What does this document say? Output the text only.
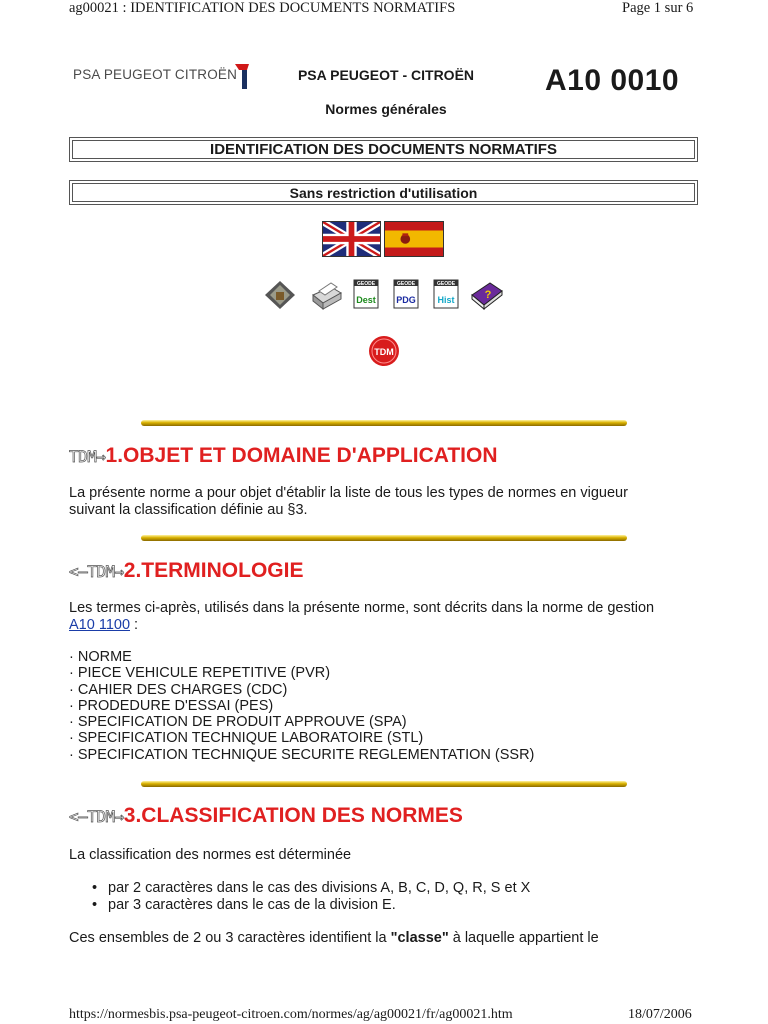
ag00021 : IDENTIFICATION DES DOCUMENTS NORMATIFS	Page 1 sur 6
PSA PEUGEOT CITROËN	PSA PEUGEOT - CITROËN
Normes générales
A10 0010
IDENTIFICATION DES DOCUMENTS NORMATIFS
Sans restriction d'utilisation
GEODE
Dest
GEODE
PDG
GEODE
Hist	?
TDM
TDM→1.OBJET ET DOMAINE D'APPLICATION
La présente norme a pour objet d'établir la liste de tous les types de normes en vigueur
suivant la classification définie au §3.
<—TDM→2.TERMINOLOGIE
Les termes ci-après, utilisés dans la présente norme, sont décrits dans la norme de gestion
A10 1100 :
· NORME
· PIECE VEHICULE REPETITIVE (PVR)
· CAHIER DES CHARGES (CDC)
· PRODEDURE D'ESSAI (PES)
· SPECIFICATION DE PRODUIT APPROUVE (SPA)
· SPECIFICATION TECHNIQUE LABORATOIRE (STL)
· SPECIFICATION TECHNIQUE SECURITE REGLEMENTATION (SSR)
<—TDM→3.CLASSIFICATION DES NORMES
La classification des normes est déterminée
• par 2 caractères dans le cas des divisions A, B, C, D, Q, R, S et X
• par 3 caractères dans le cas de la division E.
Ces ensembles de 2 ou 3 caractères identifient la "classe" à laquelle appartient le
https://normesbis.psa-peugeot-citroen.com/normes/ag/ag00021/fr/ag00021.htm	18/07/2006
